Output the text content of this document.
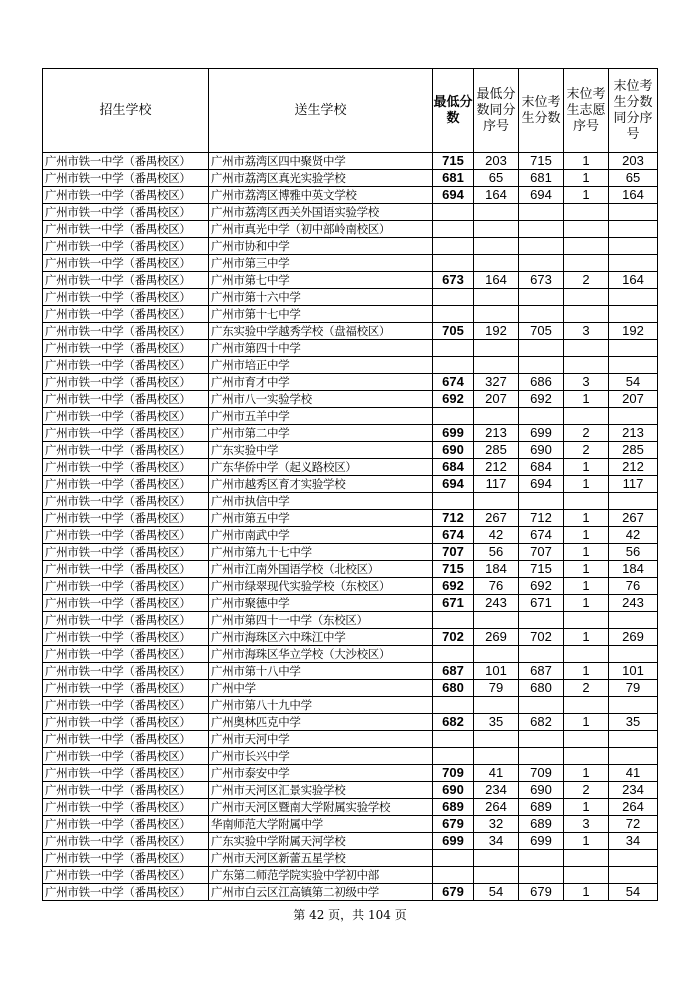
招生学校	送生学校	最低分数	最低分数同分序号	末位考生分数	末位考生志愿序号	末位考生分数同分序号
广州市铁一中学（番禺校区）	广州市荔湾区四中聚贤中学	715	203	715	1	203
广州市铁一中学（番禺校区）	广州市荔湾区真光实验学校	681	65	681	1	65
广州市铁一中学（番禺校区）	广州市荔湾区博雅中英文学校	694	164	694	1	164
广州市铁一中学（番禺校区）	广州市荔湾区西关外国语实验学校					
广州市铁一中学（番禺校区）	广州市真光中学（初中部岭南校区）					
广州市铁一中学（番禺校区）	广州市协和中学					
广州市铁一中学（番禺校区）	广州市第三中学					
广州市铁一中学（番禺校区）	广州市第七中学	673	164	673	2	164
广州市铁一中学（番禺校区）	广州市第十六中学					
广州市铁一中学（番禺校区）	广州市第十七中学					
广州市铁一中学（番禺校区）	广东实验中学越秀学校（盘福校区）	705	192	705	3	192
广州市铁一中学（番禺校区）	广州市第四十中学					
广州市铁一中学（番禺校区）	广州市培正中学					
广州市铁一中学（番禺校区）	广州市育才中学	674	327	686	3	54
广州市铁一中学（番禺校区）	广州市八一实验学校	692	207	692	1	207
广州市铁一中学（番禺校区）	广州市五羊中学					
广州市铁一中学（番禺校区）	广州市第二中学	699	213	699	2	213
广州市铁一中学（番禺校区）	广东实验中学	690	285	690	2	285
广州市铁一中学（番禺校区）	广东华侨中学（起义路校区）	684	212	684	1	212
广州市铁一中学（番禺校区）	广州市越秀区育才实验学校	694	117	694	1	117
广州市铁一中学（番禺校区）	广州市执信中学					
广州市铁一中学（番禺校区）	广州市第五中学	712	267	712	1	267
广州市铁一中学（番禺校区）	广州市南武中学	674	42	674	1	42
广州市铁一中学（番禺校区）	广州市第九十七中学	707	56	707	1	56
广州市铁一中学（番禺校区）	广州市江南外国语学校（北校区）	715	184	715	1	184
广州市铁一中学（番禺校区）	广州市绿翠现代实验学校（东校区）	692	76	692	1	76
广州市铁一中学（番禺校区）	广州市聚德中学	671	243	671	1	243
广州市铁一中学（番禺校区）	广州市第四十一中学（东校区）					
广州市铁一中学（番禺校区）	广州市海珠区六中珠江中学	702	269	702	1	269
广州市铁一中学（番禺校区）	广州市海珠区华立学校（大沙校区）					
广州市铁一中学（番禺校区）	广州市第十八中学	687	101	687	1	101
广州市铁一中学（番禺校区）	广州中学	680	79	680	2	79
广州市铁一中学（番禺校区）	广州市第八十九中学					
广州市铁一中学（番禺校区）	广州奥林匹克中学	682	35	682	1	35
广州市铁一中学（番禺校区）	广州市天河中学					
广州市铁一中学（番禺校区）	广州市长兴中学					
广州市铁一中学（番禺校区）	广州市泰安中学	709	41	709	1	41
广州市铁一中学（番禺校区）	广州市天河区汇景实验学校	690	234	690	2	234
广州市铁一中学（番禺校区）	广州市天河区暨南大学附属实验学校	689	264	689	1	264
广州市铁一中学（番禺校区）	华南师范大学附属中学	679	32	689	3	72
广州市铁一中学（番禺校区）	广东实验中学附属天河学校	699	34	699	1	34
广州市铁一中学（番禺校区）	广州市天河区新蕾五星学校					
广州市铁一中学（番禺校区）	广东第二师范学院实验中学初中部					
广州市铁一中学（番禺校区）	广州市白云区江高镇第二初级中学	679	54	679	1	54
第 42 页，共 104 页
